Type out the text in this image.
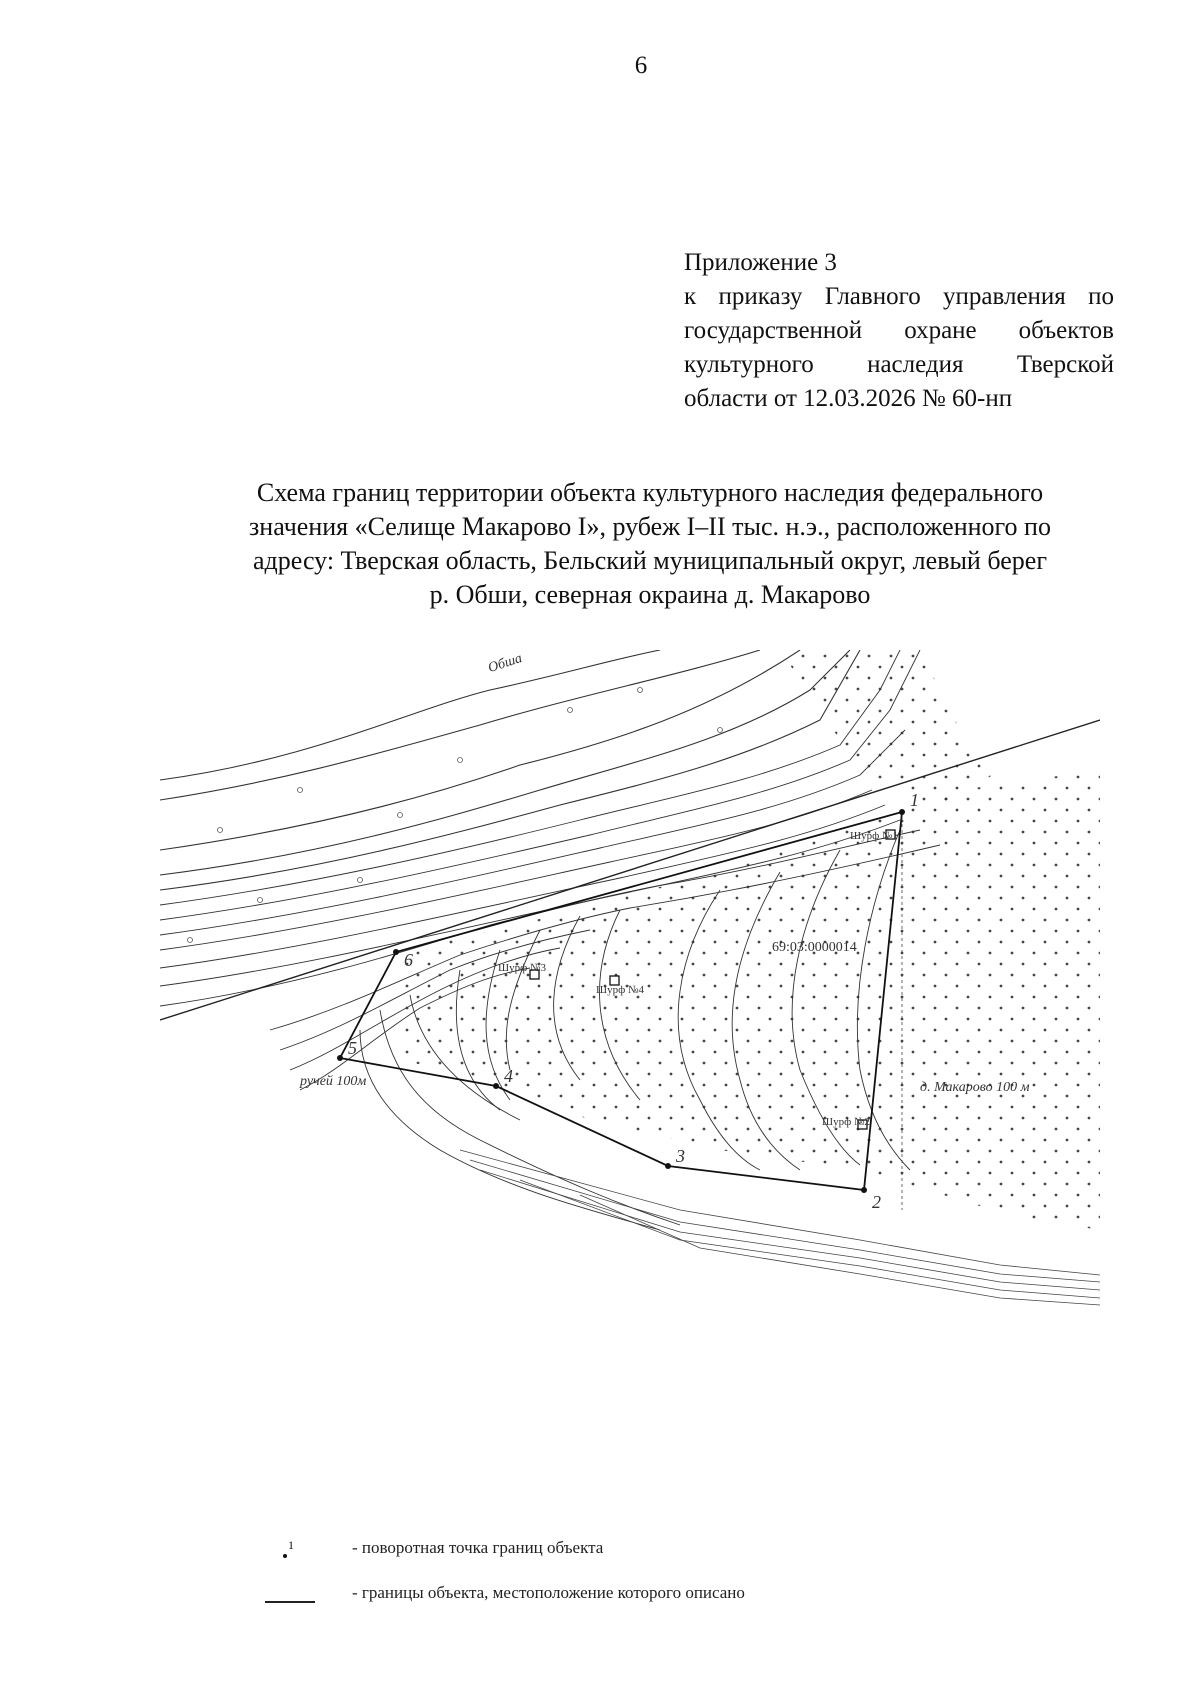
6
Приложение 3
к приказу Главного управления по
государственной охране объектов
культурного наследия Тверской
области от 12.03.2026 № 60-нп
Схема границ территории объекта культурного наследия федерального
значения «Селище Макарово I», рубеж I–II тыс. н.э., расположенного по
адресу: Тверская область, Бельский муниципальный округ, левый берег
р. Обши, северная окраина д. Макарово
Обша
69:03:0000014
ручей 100м	д. Макарово 100 м
Шурф №1
Шурф №2
Шурф №3
Шурф №4
1
2
3
4
5
6
1	- поворотная точка границ объекта
- границы объекта, местоположение которого описано
